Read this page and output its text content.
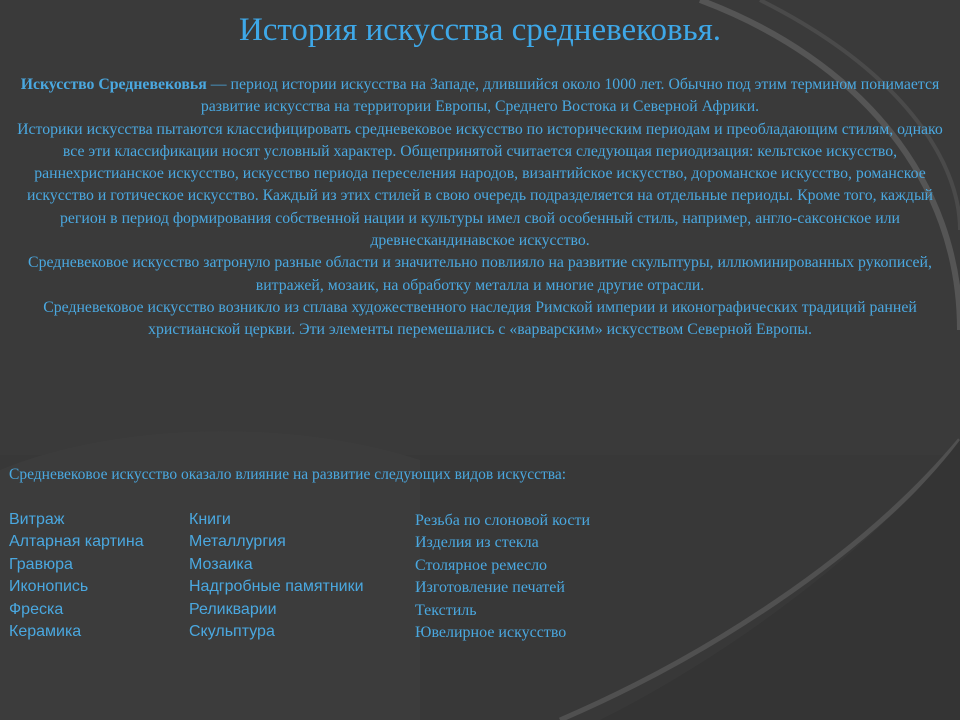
История искусства средневековья.

Искусство Средневековья — период истории искусства на Западе, длившийся около 1000 лет. Обычно под этим термином понимается развитие искусства на территории Европы, Среднего Востока и Северной Африки.

Историки искусства пытаются классифицировать средневековое искусство по историческим периодам и преобладающим стилям, однако все эти классификации носят условный характер. Общепринятой считается следующая периодизация: кельтское искусство, раннехристианское искусство, искусство периода переселения народов, византийское искусство, дороманское искусство, романское искусство и готическое искусство. Каждый из этих стилей в свою очередь подразделяется на отдельные периоды. Кроме того, каждый регион в период формирования собственной нации и культуры имел свой особенный стиль, например, англо-саксонское или древнескандинавское искусство.

Средневековое искусство затронуло разные области и значительно повлияло на развитие скульптуры, иллюминированных рукописей, витражей, мозаик, на обработку металла и многие другие отрасли.

Средневековое искусство возникло из сплава художественного наследия Римской империи и иконографических традиций ранней христианской церкви. Эти элементы перемешались с «варварским» искусством Северной Европы.

Средневековое искусство оказало влияние на развитие следующих видов искусства:
Витраж
Алтарная картина
Гравюра
Иконопись
Фреска
Керамика
Книги
Металлургия
Мозаика
Надгробные памятники
Реликварии
Скульптура
Резьба по слоновой кости
Изделия из стекла
Столярное ремесло
Изготовление печатей
Текстиль
Ювелирное искусство
